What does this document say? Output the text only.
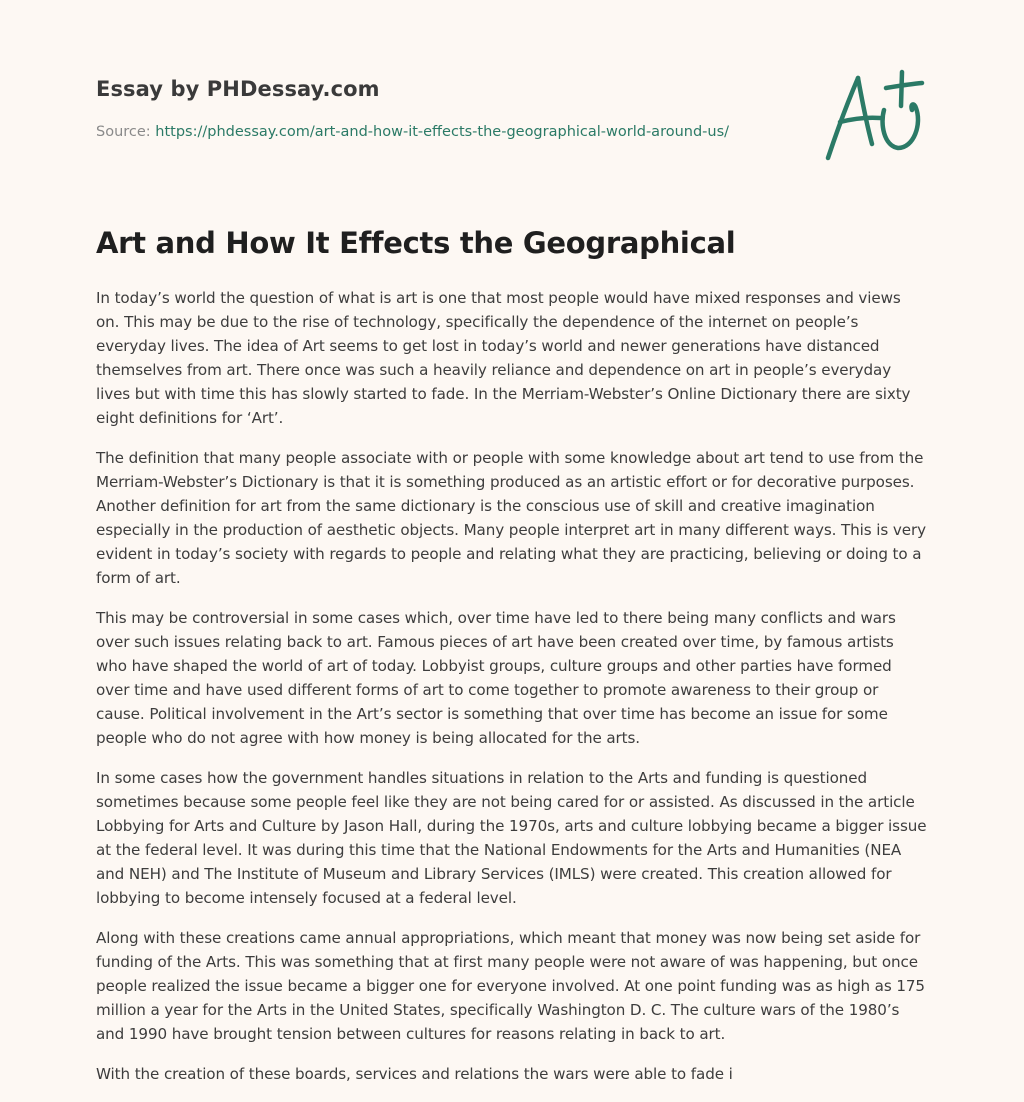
Essay by PHDessay.com
Source: https://phdessay.com/art-and-how-it-effects-the-geographical-world-around-us/
Art and How It Effects the Geographical

In today’s world the question of what is art is one that most people would have mixed responses and views on. This may be due to the rise of technology, specifically the dependence of the internet on people’s everyday lives. The idea of Art seems to get lost in today’s world and newer generations have distanced themselves from art. There once was such a heavily reliance and dependence on art in people’s everyday lives but with time this has slowly started to fade. In the Merriam-Webster’s Online Dictionary there are sixty eight definitions for ‘Art’.

The definition that many people associate with or people with some knowledge about art tend to use from the Merriam-Webster’s Dictionary is that it is something produced as an artistic effort or for decorative purposes. Another definition for art from the same dictionary is the conscious use of skill and creative imagination especially in the production of aesthetic objects. Many people interpret art in many different ways. This is very evident in today’s society with regards to people and relating what they are practicing, believing or doing to a form of art.

This may be controversial in some cases which, over time have led to there being many conflicts and wars over such issues relating back to art. Famous pieces of art have been created over time, by famous artists who have shaped the world of art of today. Lobbyist groups, culture groups and other parties have formed over time and have used different forms of art to come together to promote awareness to their group or cause. Political involvement in the Art’s sector is something that over time has become an issue for some people who do not agree with how money is being allocated for the arts.

In some cases how the government handles situations in relation to the Arts and funding is questioned sometimes because some people feel like they are not being cared for or assisted. As discussed in the article Lobbying for Arts and Culture by Jason Hall, during the 1970s, arts and culture lobbying became a bigger issue at the federal level. It was during this time that the National Endowments for the Arts and Humanities (NEA and NEH) and The Institute of Museum and Library Services (IMLS) were created. This creation allowed for lobbying to become intensely focused at a federal level.

Along with these creations came annual appropriations, which meant that money was now being set aside for funding of the Arts. This was something that at first many people were not aware of was happening, but once people realized the issue became a bigger one for everyone involved. At one point funding was as high as 175 million a year for the Arts in the United States, specifically Washington D. C. The culture wars of the 1980’s and 1990 have brought tension between cultures for reasons relating in back to art.

With the creation of these boards, services and relations the wars were able to fade i
